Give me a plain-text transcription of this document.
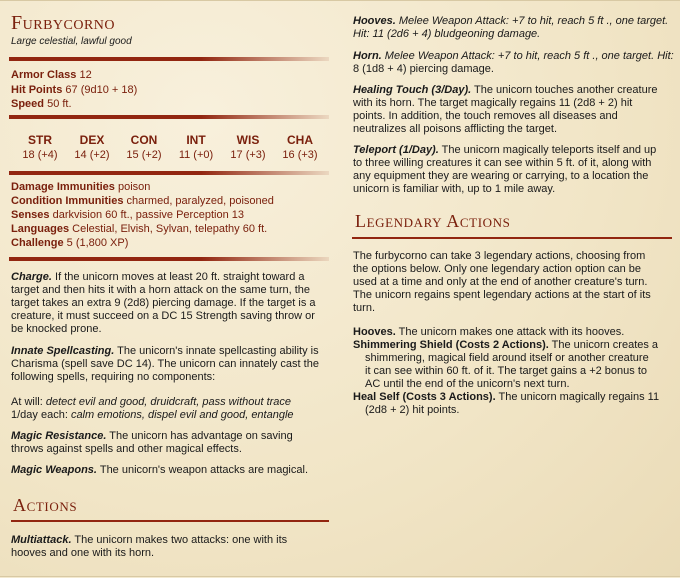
Furbycorno
Large celestial, lawful good
Armor Class 12
Hit Points 67 (9d10 + 18)
Speed 50 ft.
STR
18 (+4)
DEX
14 (+2)
CON
15 (+2)
INT
11 (+0)
WIS
17 (+3)
CHA
16 (+3)
Damage Immunities poison
Condition Immunities charmed, paralyzed, poisoned
Senses darkvision 60 ft., passive Perception 13
Languages Celestial, Elvish, Sylvan, telepathy 60 ft.
Challenge 5 (1,800 XP)
Charge. If the unicorn moves at least 20 ft. straight toward a
target and then hits it with a horn attack on the same turn, the
target takes an extra 9 (2d8) piercing damage. If the target is a
creature, it must succeed on a DC 15 Strength saving throw or
be knocked prone.
Innate Spellcasting. The unicorn's innate spellcasting ability is
Charisma (spell save DC 14). The unicorn can innately cast the
following spells, requiring no components:
At will: detect evil and good, druidcraft, pass without trace
1/day each: calm emotions, dispel evil and good, entangle
Magic Resistance. The unicorn has advantage on saving
throws against spells and other magical effects.
Magic Weapons. The unicorn's weapon attacks are magical.
Actions
Multiattack. The unicorn makes two attacks: one with its
hooves and one with its horn.
Hooves. Melee Weapon Attack: +7 to hit, reach 5 ft ., one target.
Hit: 11 (2d6 + 4) bludgeoning damage.
Horn. Melee Weapon Attack: +7 to hit, reach 5 ft ., one target. Hit:
8 (1d8 + 4) piercing damage.
Healing Touch (3/Day). The unicorn touches another creature
with its horn. The target magically regains 11 (2d8 + 2) hit
points. In addition, the touch removes all diseases and
neutralizes all poisons afflicting the target.
Teleport (1/Day). The unicorn magically teleports itself and up
to three willing creatures it can see within 5 ft. of it, along with
any equipment they are wearing or carrying, to a location the
unicorn is familiar with, up to 1 mile away.
Legendary Actions
The furbycorno can take 3 legendary actions, choosing from
the options below. Only one legendary action option can be
used at a time and only at the end of another creature's turn.
The unicorn regains spent legendary actions at the start of its
turn.
Hooves. The unicorn makes one attack with its hooves.
Shimmering Shield (Costs 2 Actions). The unicorn creates a
shimmering, magical field around itself or another creature
it can see within 60 ft. of it. The target gains a +2 bonus to
AC until the end of the unicorn's next turn.
Heal Self (Costs 3 Actions). The unicorn magically regains 11
(2d8 + 2) hit points.
